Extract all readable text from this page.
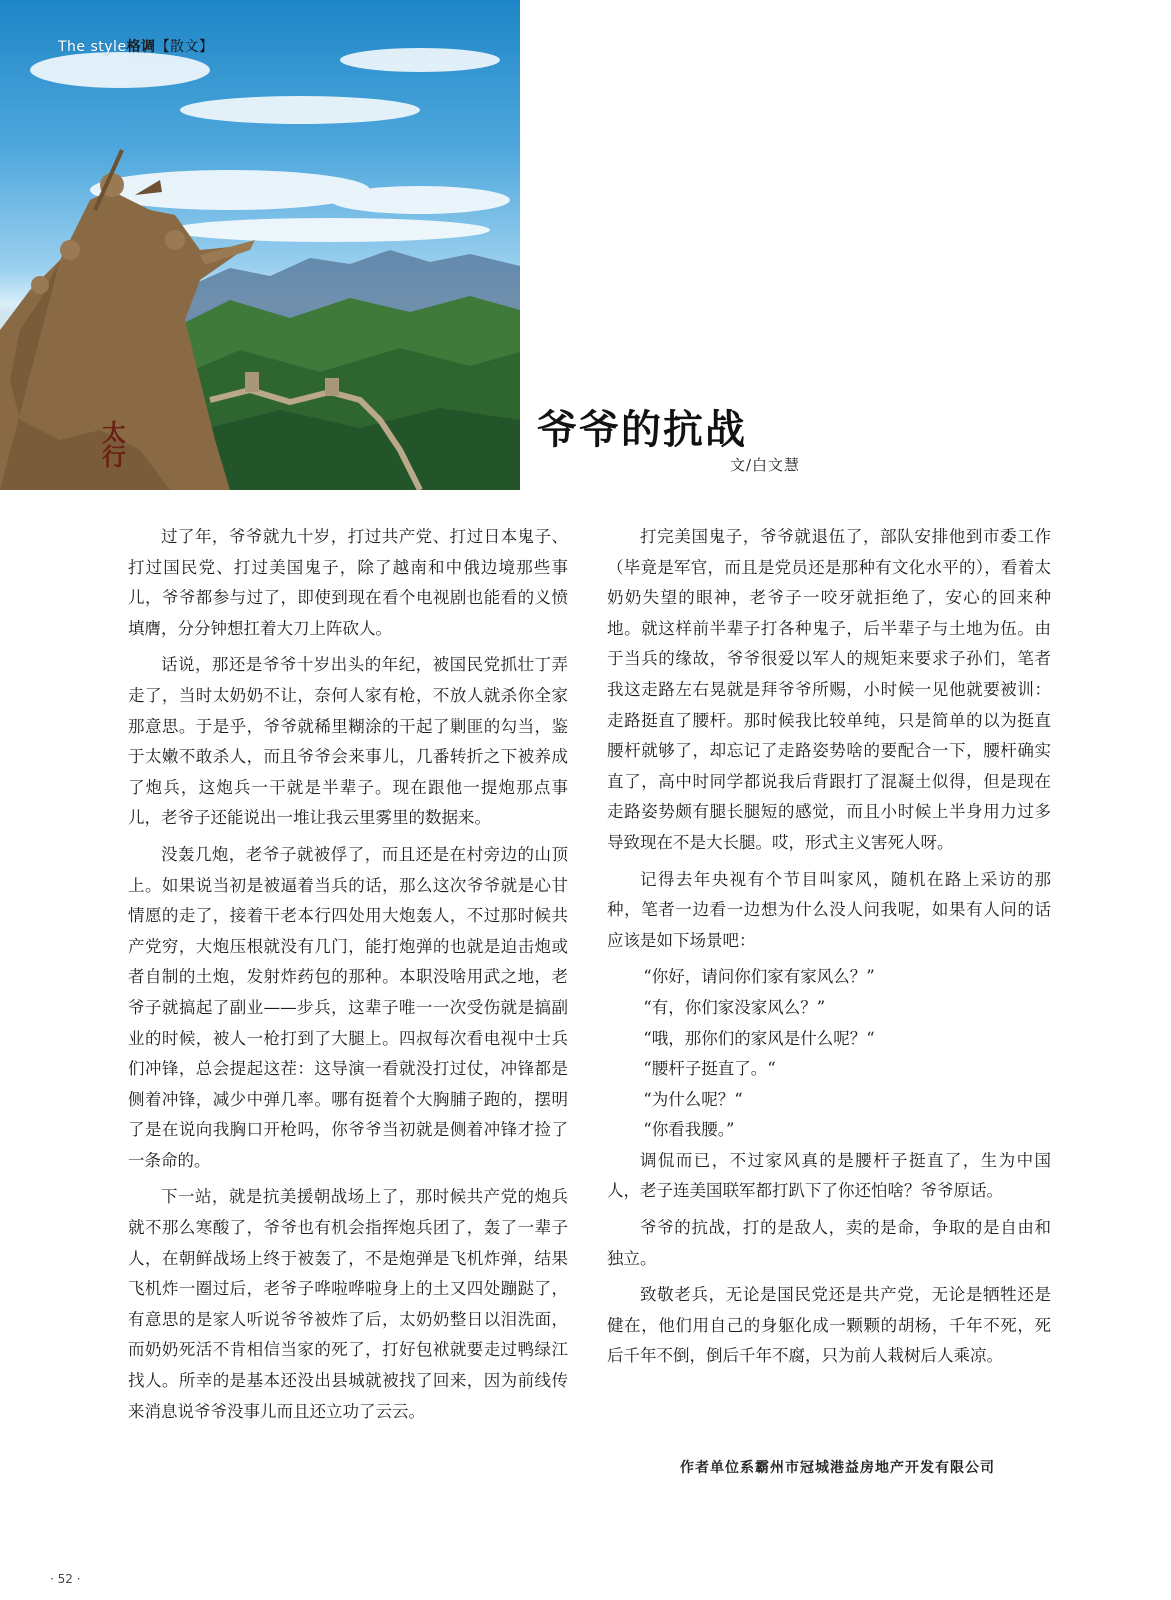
太行
The style格调【散文】
爷爷的抗战
文/白文慧

过了年，爷爷就九十岁，打过共产党、打过日本鬼子、打过国民党、打过美国鬼子，除了越南和中俄边境那些事儿，爷爷都参与过了，即使到现在看个电视剧也能看的义愤填膺，分分钟想扛着大刀上阵砍人。

话说，那还是爷爷十岁出头的年纪，被国民党抓壮丁弄走了，当时太奶奶不让，奈何人家有枪，不放人就杀你全家那意思。于是乎，爷爷就稀里糊涂的干起了剿匪的勾当，鉴于太嫩不敢杀人，而且爷爷会来事儿，几番转折之下被养成了炮兵，这炮兵一干就是半辈子。现在跟他一提炮那点事儿，老爷子还能说出一堆让我云里雾里的数据来。

没轰几炮，老爷子就被俘了，而且还是在村旁边的山顶上。如果说当初是被逼着当兵的话，那么这次爷爷就是心甘情愿的走了，接着干老本行四处用大炮轰人，不过那时候共产党穷，大炮压根就没有几门，能打炮弹的也就是迫击炮或者自制的土炮，发射炸药包的那种。本职没啥用武之地，老爷子就搞起了副业——步兵，这辈子唯一一次受伤就是搞副业的时候，被人一枪打到了大腿上。四叔每次看电视中士兵们冲锋，总会提起这茬：这导演一看就没打过仗，冲锋都是侧着冲锋，减少中弹几率。哪有挺着个大胸脯子跑的，摆明了是在说向我胸口开枪吗，你爷爷当初就是侧着冲锋才捡了一条命的。

下一站，就是抗美援朝战场上了，那时候共产党的炮兵就不那么寒酸了，爷爷也有机会指挥炮兵团了，轰了一辈子人，在朝鲜战场上终于被轰了，不是炮弹是飞机炸弹，结果飞机炸一圈过后，老爷子哗啦哗啦身上的土又四处蹦跶了，有意思的是家人听说爷爷被炸了后，太奶奶整日以泪洗面，而奶奶死活不肯相信当家的死了，打好包袱就要走过鸭绿江找人。所幸的是基本还没出县城就被找了回来，因为前线传来消息说爷爷没事儿而且还立功了云云。

打完美国鬼子，爷爷就退伍了，部队安排他到市委工作（毕竟是军官，而且是党员还是那种有文化水平的），看着太奶奶失望的眼神，老爷子一咬牙就拒绝了，安心的回来种地。就这样前半辈子打各种鬼子，后半辈子与土地为伍。由于当兵的缘故，爷爷很爱以军人的规矩来要求子孙们，笔者我这走路左右晃就是拜爷爷所赐，小时候一见他就要被训：走路挺直了腰杆。那时候我比较单纯，只是简单的以为挺直腰杆就够了，却忘记了走路姿势啥的要配合一下，腰杆确实直了，高中时同学都说我后背跟打了混凝土似得，但是现在走路姿势颇有腿长腿短的感觉，而且小时候上半身用力过多导致现在不是大长腿。哎，形式主义害死人呀。

记得去年央视有个节目叫家风，随机在路上采访的那种，笔者一边看一边想为什么没人问我呢，如果有人问的话应该是如下场景吧：

“你好，请问你们家有家风么？”

“有，你们家没家风么？”

“哦，那你们的家风是什么呢？“

“腰杆子挺直了。“

“为什么呢？“

“你看我腰。”

调侃而已，不过家风真的是腰杆子挺直了，生为中国人，老子连美国联军都打趴下了你还怕啥？爷爷原话。

爷爷的抗战，打的是敌人，卖的是命，争取的是自由和独立。

致敬老兵，无论是国民党还是共产党，无论是牺牲还是健在，他们用自己的身躯化成一颗颗的胡杨，千年不死，死后千年不倒，倒后千年不腐，只为前人栽树后人乘凉。

作者单位系霸州市冠城港益房地产开发有限公司
· 52 ·
